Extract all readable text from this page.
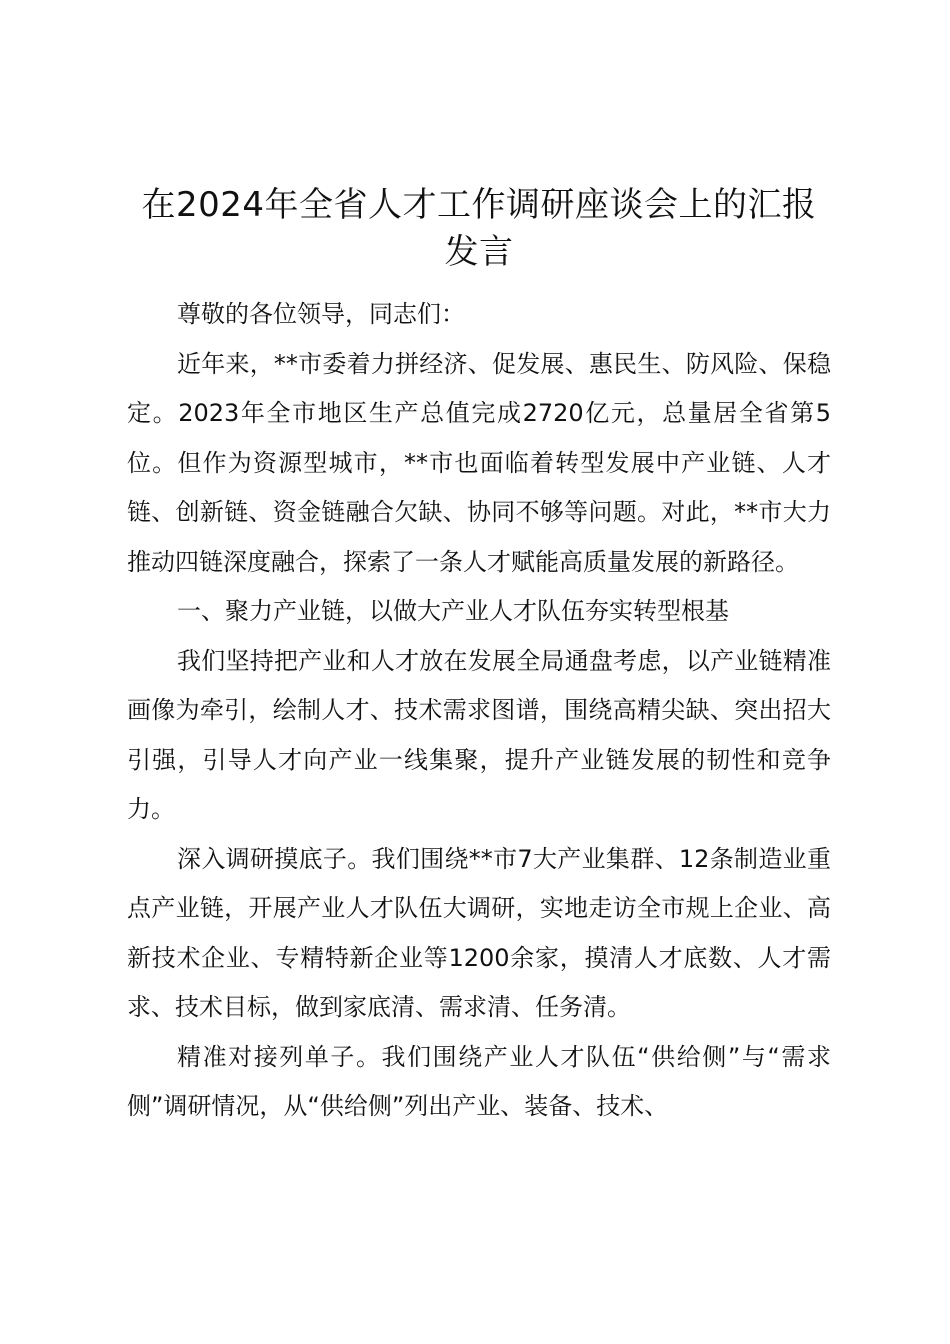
在2024年全省人才工作调研座谈会上的汇报发言

尊敬的各位领导，同志们：

近年来，**市委着力拼经济、促发展、惠民生、防风险、保稳定。2023年全市地区生产总值完成2720亿元，总量居全省第5位。但作为资源型城市，**市也面临着转型发展中产业链、人才链、创新链、资金链融合欠缺、协同不够等问题。对此，**市大力推动四链深度融合，探索了一条人才赋能高质量发展的新路径。

一、聚力产业链，以做大产业人才队伍夯实转型根基

我们坚持把产业和人才放在发展全局通盘考虑，以产业链精准画像为牵引，绘制人才、技术需求图谱，围绕高精尖缺、突出招大引强，引导人才向产业一线集聚，提升产业链发展的韧性和竞争力。

深入调研摸底子。我们围绕**市7大产业集群、12条制造业重点产业链，开展产业人才队伍大调研，实地走访全市规上企业、高新技术企业、专精特新企业等1200余家，摸清人才底数、人才需求、技术目标，做到家底清、需求清、任务清。

精准对接列单子。我们围绕产业人才队伍“供给侧”与“需求侧”调研情况，从“供给侧”列出产业、装备、技术、
